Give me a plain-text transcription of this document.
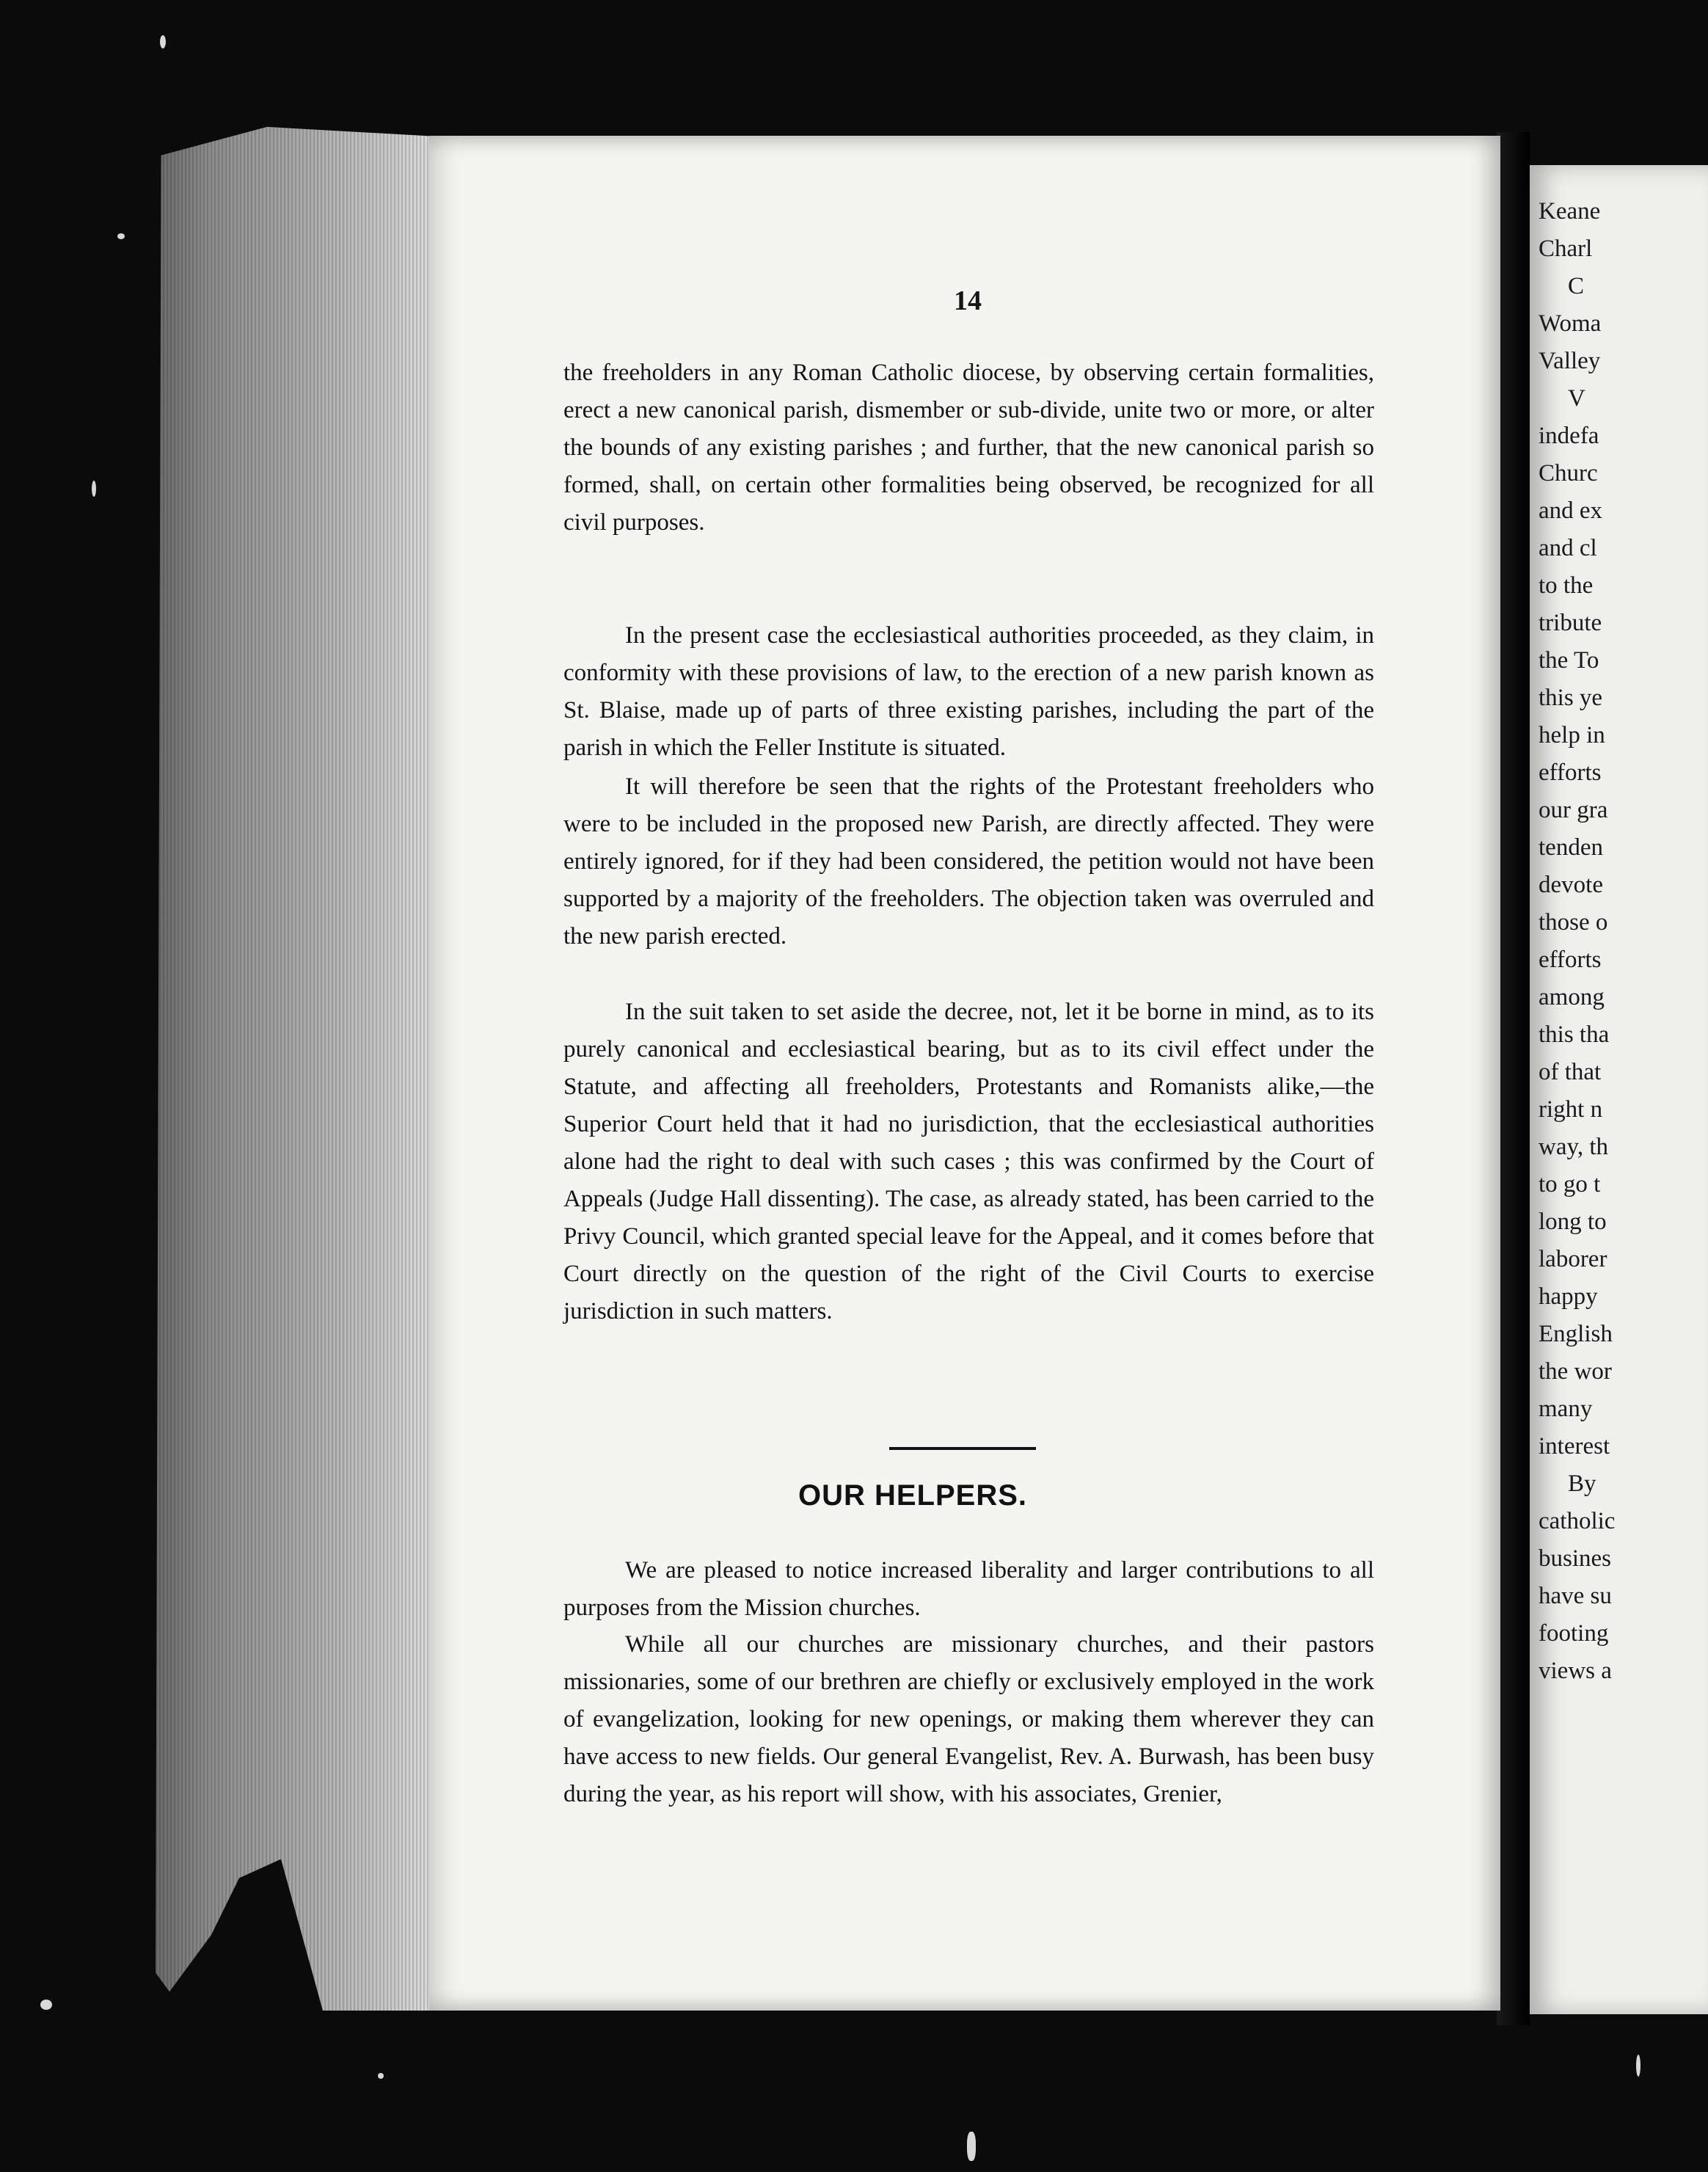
14
the freeholders in any Roman Catholic diocese, by observing certain formalities, erect a new canonical parish, dismember or sub-divide, unite two or more, or alter the bounds of any existing parishes ; and further, that the new canonical parish so formed, shall, on certain other formalities being observed, be recognized for all civil purposes.
In the present case the ecclesiastical authorities proceeded, as they claim, in conformity with these provisions of law, to the erection of a new parish known as St. Blaise, made up of parts of three existing parishes, including the part of the parish in which the Feller Institute is situated.
It will therefore be seen that the rights of the Protestant freeholders who were to be included in the proposed new Parish, are directly affected. They were entirely ignored, for if they had been considered, the petition would not have been supported by a majority of the freeholders. The objection taken was overruled and the new parish erected.
In the suit taken to set aside the decree, not, let it be borne in mind, as to its purely canonical and ecclesiastical bearing, but as to its civil effect under the Statute, and affecting all freeholders, Protestants and Romanists alike,—the Superior Court held that it had no jurisdiction, that the ecclesiastical authorities alone had the right to deal with such cases ; this was confirmed by the Court of Appeals (Judge Hall dissenting). The case, as already stated, has been carried to the Privy Council, which granted special leave for the Appeal, and it comes before that Court directly on the question of the right of the Civil Courts to exercise jurisdiction in such matters.
OUR HELPERS.
We are pleased to notice increased liberality and larger contributions to all purposes from the Mission churches.
While all our churches are missionary churches, and their pastors missionaries, some of our brethren are chiefly or exclusively employed in the work of evangelization, looking for new openings, or making them wherever they can have access to new fields. Our general Evangelist, Rev. A. Burwash, has been busy during the year, as his report will show, with his associates, Grenier,
Keane
Charl
C
Woma
Valley
V
indefa
Churc
and ex
and cl
to the
tribute
the To
this ye
help in
efforts
our gra
tenden
devote
those o
efforts
among
this tha
of that
right n
way, th
to go t
long to
laborer
happy
English
the wor
many
interest
By
catholic
busines
have su
footing
views a
